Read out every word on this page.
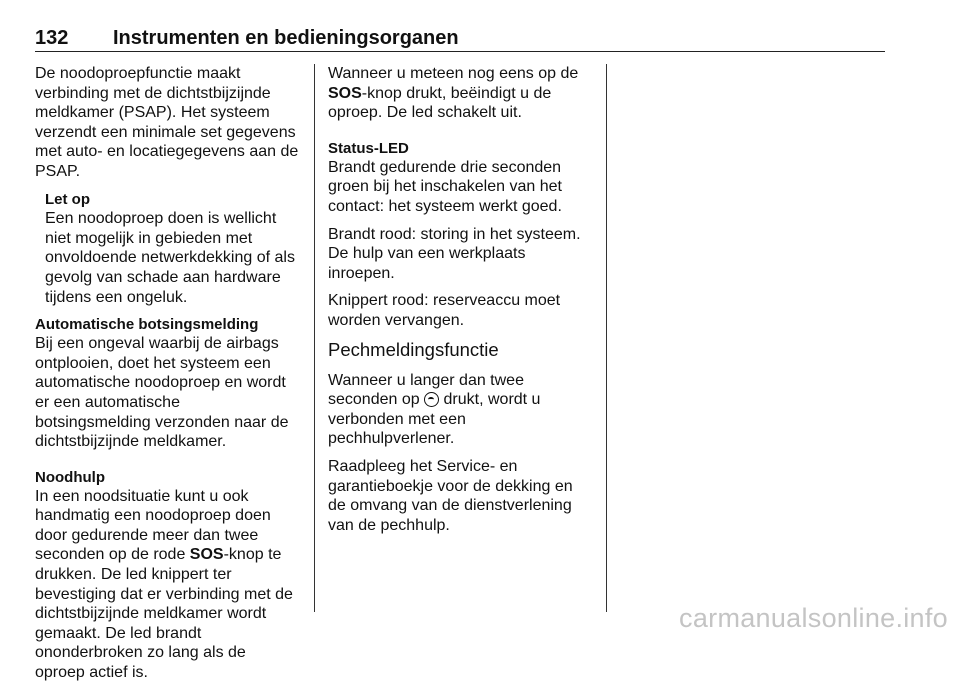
132 Instrumenten en bedieningsorganen

De noodoproepfunctie maakt verbinding met de dichtstbijzijnde meldkamer (PSAP). Het systeem verzendt een minimale set gegevens met auto- en locatiegegevens aan de PSAP.

Let op
Een noodoproep doen is wellicht niet mogelijk in gebieden met onvoldoende netwerkdekking of als gevolg van schade aan hardware tijdens een ongeluk.

Automatische botsingsmelding
Bij een ongeval waarbij de airbags ontplooien, doet het systeem een automatische noodoproep en wordt er een automatische botsingsmelding verzonden naar de dichtstbijzijnde meldkamer.

Noodhulp
In een noodsituatie kunt u ook handmatig een noodoproep doen door gedurende meer dan twee seconden op de rode SOS-knop te drukken. De led knippert ter bevestiging dat er verbinding met de dichtstbijzijnde meldkamer wordt gemaakt. De led brandt ononderbroken zo lang als de oproep actief is.

Wanneer u meteen nog eens op de SOS-knop drukt, beëindigt u de oproep. De led schakelt uit.

Status-LED
Brandt gedurende drie seconden groen bij het inschakelen van het contact: het systeem werkt goed.

Brandt rood: storing in het systeem. De hulp van een werkplaats inroepen.

Knippert rood: reserveaccu moet worden vervangen.

Pechmeldingsfunctie

Wanneer u langer dan twee seconden op  drukt, wordt u verbonden met een pechhulpverlener.

Raadpleeg het Service- en garantieboekje voor de dekking en de omvang van de dienstverlening van de pechhulp.

carmanualsonline.info
